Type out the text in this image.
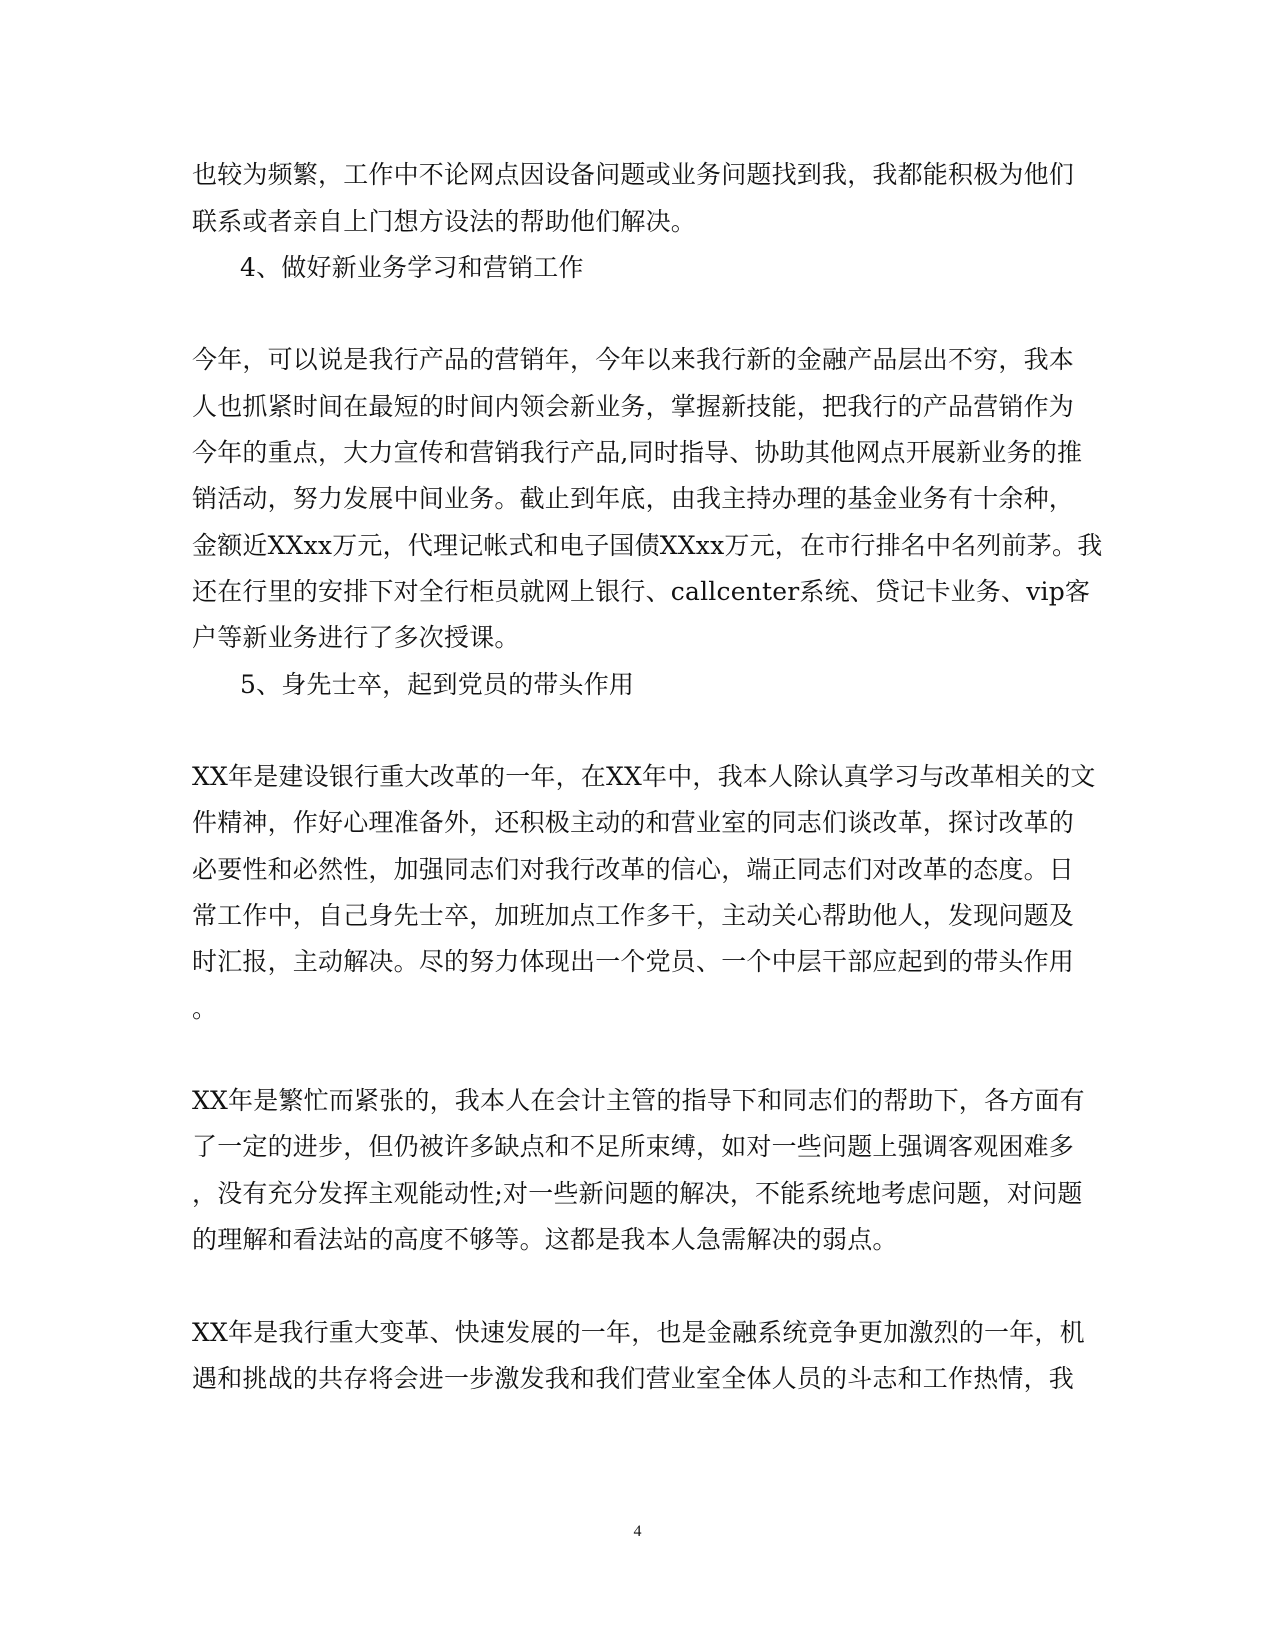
也较为频繁，工作中不论网点因设备问题或业务问题找到我，我都能积极为他们
联系或者亲自上门想方设法的帮助他们解决。
4、做好新业务学习和营销工作
今年，可以说是我行产品的营销年，今年以来我行新的金融产品层出不穷，我本
人也抓紧时间在最短的时间内领会新业务，掌握新技能，把我行的产品营销作为
今年的重点，大力宣传和营销我行产品,同时指导、协助其他网点开展新业务的推
销活动，努力发展中间业务。截止到年底，由我主持办理的基金业务有十余种，
金额近XXxx万元，代理记帐式和电子国债XXxx万元，在市行排名中名列前茅。我
还在行里的安排下对全行柜员就网上银行、callcenter系统、贷记卡业务、vip客
户等新业务进行了多次授课。
5、身先士卒，起到党员的带头作用
XX年是建设银行重大改革的一年，在XX年中，我本人除认真学习与改革相关的文
件精神，作好心理准备外，还积极主动的和营业室的同志们谈改革，探讨改革的
必要性和必然性，加强同志们对我行改革的信心，端正同志们对改革的态度。日
常工作中，自己身先士卒，加班加点工作多干，主动关心帮助他人，发现问题及
时汇报，主动解决。尽的努力体现出一个党员、一个中层干部应起到的带头作用
。
XX年是繁忙而紧张的，我本人在会计主管的指导下和同志们的帮助下，各方面有
了一定的进步，但仍被许多缺点和不足所束缚，如对一些问题上强调客观困难多
，没有充分发挥主观能动性;对一些新问题的解决，不能系统地考虑问题，对问题
的理解和看法站的高度不够等。这都是我本人急需解决的弱点。
XX年是我行重大变革、快速发展的一年，也是金融系统竞争更加激烈的一年，机
遇和挑战的共存将会进一步激发我和我们营业室全体人员的斗志和工作热情，我
4
